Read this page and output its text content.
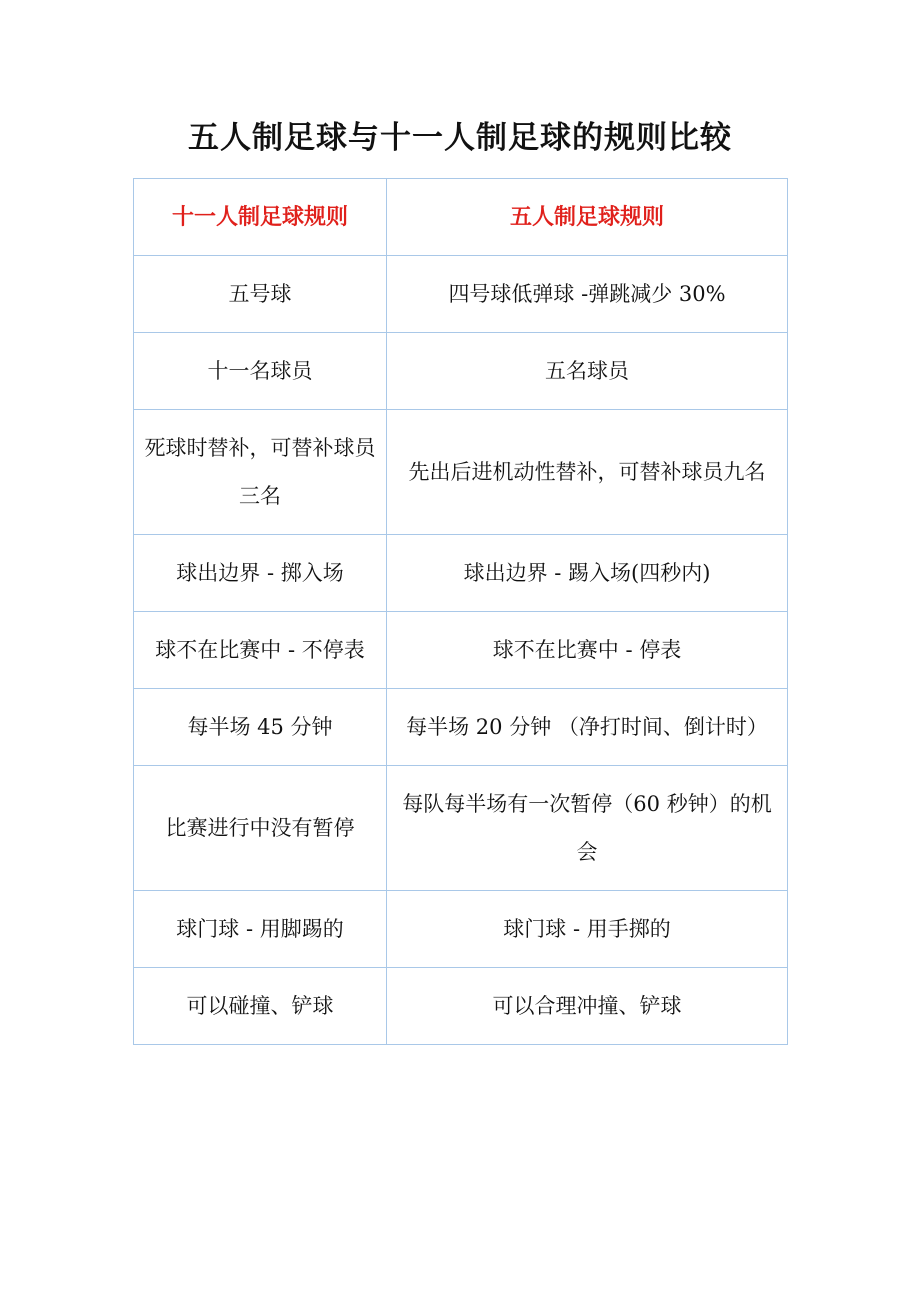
五人制足球与十一人制足球的规则比较
十一人制足球规则	五人制足球规则
五号球	四号球低弹球 -弹跳减少 30%
十一名球员	五名球员
死球时替补，可替补球员三名	先出后进机动性替补，可替补球员九名
球出边界 - 掷入场	球出边界 - 踢入场(四秒内)
球不在比赛中 - 不停表	球不在比赛中 - 停表
每半场 45 分钟	每半场 20 分钟 （净打时间、倒计时）
比赛进行中没有暂停	每队每半场有一次暂停（60 秒钟）的机会
球门球 - 用脚踢的	球门球 - 用手掷的
可以碰撞、铲球	可以合理冲撞、铲球
